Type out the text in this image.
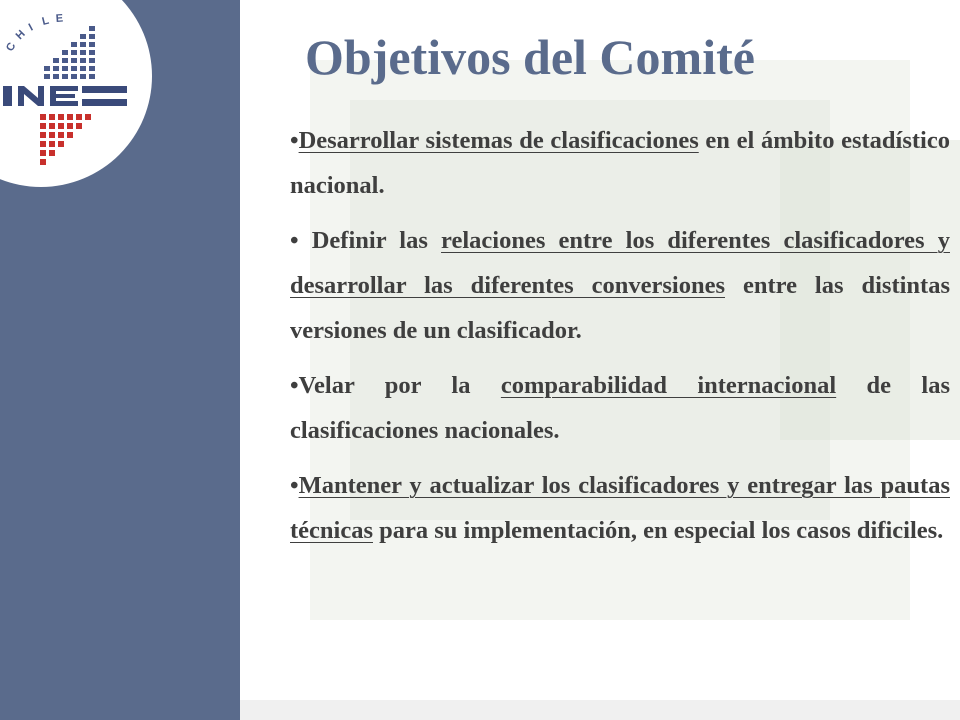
C
H
I L E
Objetivos del Comité

•Desarrollar sistemas de clasificaciones en el ámbito estadístico nacional.

• Definir las relaciones entre los diferentes clasificadores y desarrollar las diferentes conversiones entre las distintas versiones de un clasificador.

•Velar por la comparabilidad internacional de las clasificaciones nacionales.

•Mantener y actualizar los clasificadores y entregar las pautas técnicas para su implementación, en especial los casos dificiles.
